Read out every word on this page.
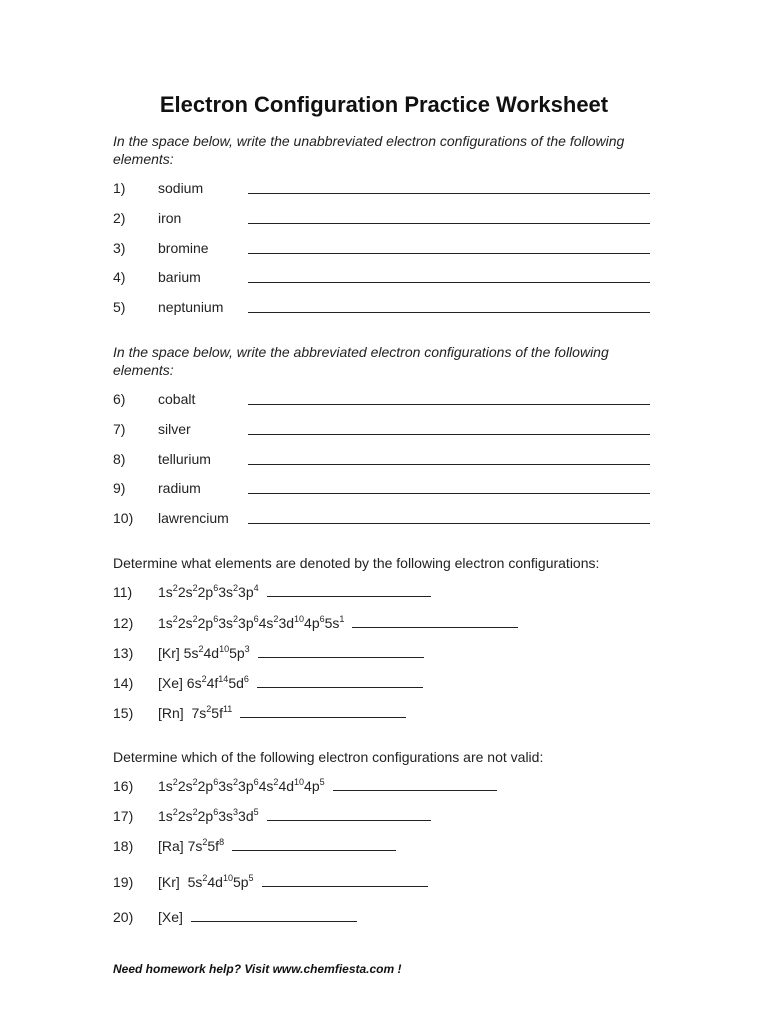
Electron Configuration Practice Worksheet
In the space below, write the unabbreviated electron configurations of the following elements:
1) sodium
2) iron
3) bromine
4) barium
5) neptunium
In the space below, write the abbreviated electron configurations of the following elements:
6) cobalt
7) silver
8) tellurium
9) radium
10) lawrencium
Determine what elements are denoted by the following electron configurations:
11) $1s^22s^22p^63s^23p^4$
12) $1s^22s^22p^63s^23p^64s^23d^{10}4p^65s^1$
13) [Kr] $5s^24d^{10}5p^3$
14) [Xe] $6s^24f^{14}5d^6$
15) [Rn]  $7s^25f^{11}$
Determine which of the following electron configurations are not valid:
16) $1s^22s^22p^63s^23p^64s^24d^{10}4p^5$
17) $1s^22s^22p^63s^33d^5$
18) [Ra] $7s^25f^8$
19) [Kr]  $5s^24d^{10}5p^5$
20) [Xe]
Need homework help? Visit www.chemfiesta.com !
